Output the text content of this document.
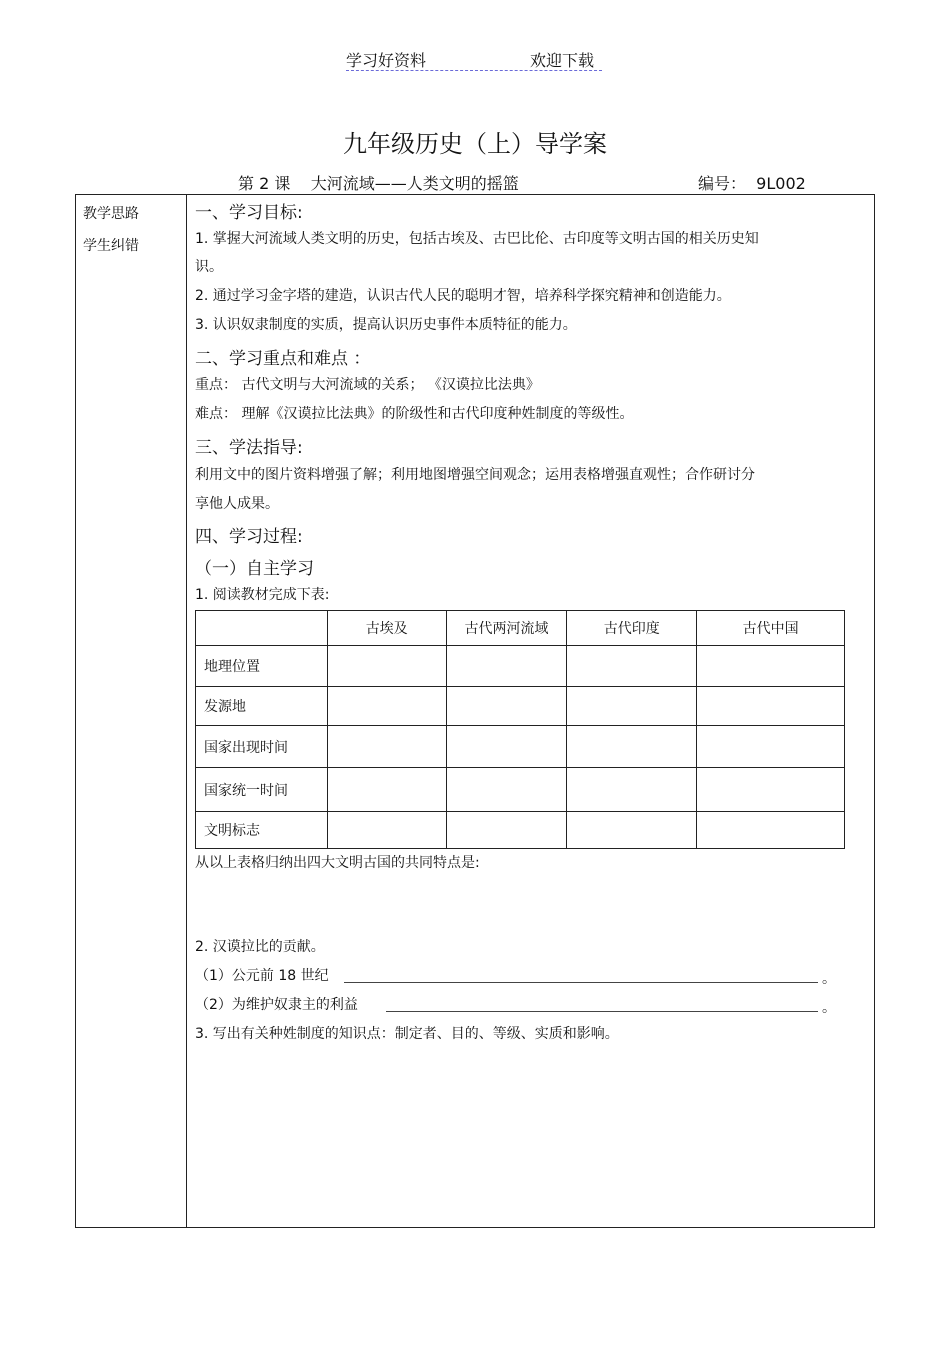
学习好资料	欢迎下载
九年级历史（上）导学案
第 2 课    大河流域——人类文明的摇篮	编号：  9L002
教学思路
学生纠错
一、学习目标:
1. 掌握大河流域人类文明的历史，包括古埃及、古巴比伦、古印度等文明古国的相关历史知
识。
2. 通过学习金字塔的建造，认识古代人民的聪明才智，培养科学探究精神和创造能力。
3. 认识奴隶制度的实质，提高认识历史事件本质特征的能力。
二、学习重点和难点 ：
重点： 古代文明与大河流域的关系； 《汉谟拉比法典》
难点： 理解《汉谟拉比法典》的阶级性和古代印度种姓制度的等级性。
三、学法指导:
利用文中的图片资料增强了解；利用地图增强空间观念；运用表格增强直观性；合作研讨分
享他人成果。
四、学习过程:
（一）自主学习
1. 阅读教材完成下表:
	古埃及	古代两河流域	古代印度	古代中国
地理位置				
发源地				
国家出现时间				
国家统一时间				
文明标志				
从以上表格归纳出四大文明古国的共同特点是:
2. 汉谟拉比的贡献。
（1）公元前 18 世纪	。
（2）为维护奴隶主的利益	。
3. 写出有关种姓制度的知识点：制定者、目的、等级、实质和影响。
